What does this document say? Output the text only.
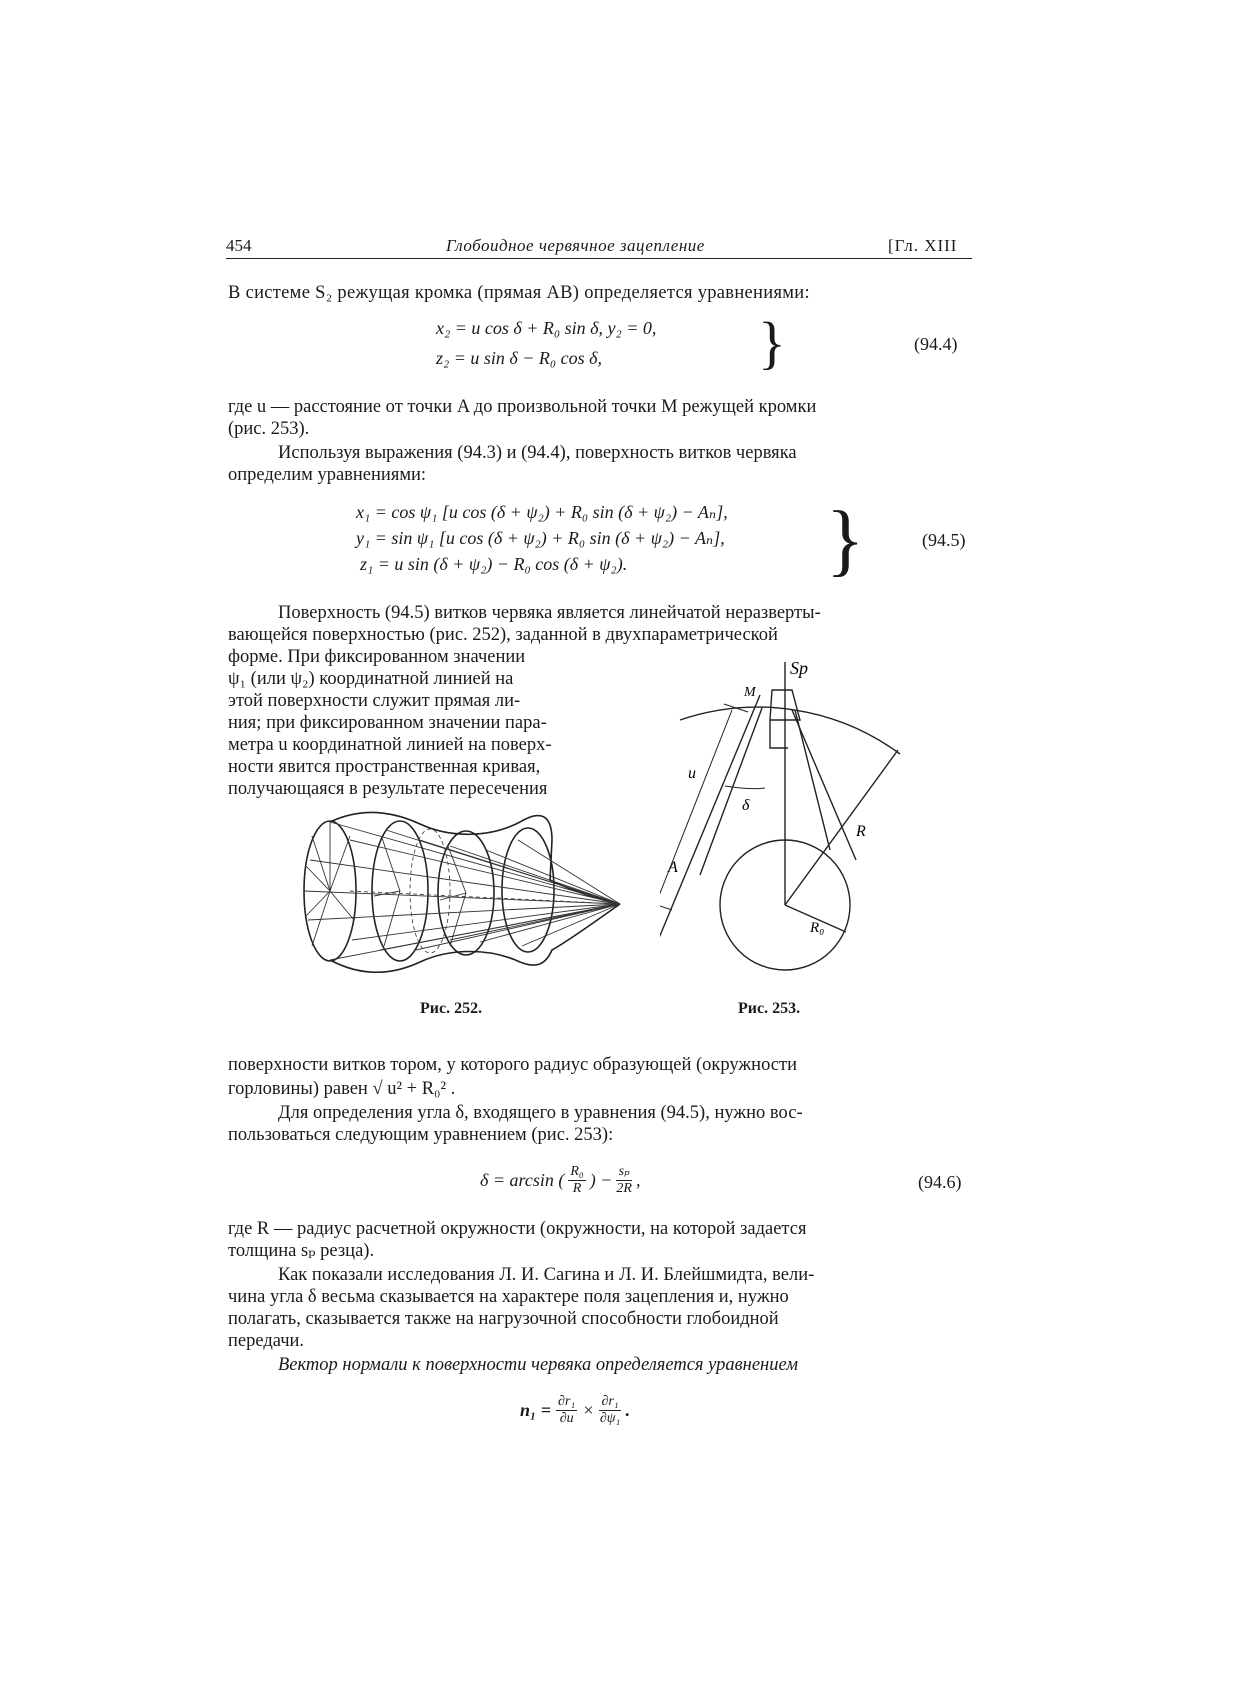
454	Глобоидное червячное зацепление	[Гл. XIII
В системе S₂ режущая кромка (прямая AB) определяется уравнениями:
x₂ = u cos δ + R₀ sin δ, y₂ = 0,
z₂ = u sin δ − R₀ cos δ,	}	(94.4)
где u — расстояние от точки A до произвольной точки M режущей кромки
(рис. 253).
Используя выражения (94.3) и (94.4), поверхность витков червяка
определим уравнениями:
x₁ = cos ψ₁ [u cos (δ + ψ₂) + R₀ sin (δ + ψ₂) − Aₙ],
y₁ = sin ψ₁ [u cos (δ + ψ₂) + R₀ sin (δ + ψ₂) − Aₙ],
z₁ = u sin (δ + ψ₂) − R₀ cos (δ + ψ₂). }	(94.5)
Поверхность (94.5) витков червяка является линейчатой неразверты-
вающейся поверхностью (рис. 252), заданной в двухпараметрической
форме. При фиксированном значении
ψ₁ (или ψ₂) координатной линией на
этой поверхности служит прямая ли-
ния; при фиксированном значении пара-
метра u координатной линией на поверх-
ности явится пространственная кривая,
получающаяся в результате пересечения
Рис. 252.
Sp
M
u
δ
R
A
R₀
Рис. 253.
поверхности витков тором, у которого радиус образующей (окружности
горловины) равен √ u² + R₀² .
Для определения угла δ, входящего в уравнения (94.5), нужно вос-
пользоваться следующим уравнением (рис. 253):
δ = arcsin ( $\frac{\text{R₀}}{R}$ ) − $\frac{\text{sₚ}}{2R}$ ,	(94.6)
где R — радиус расчетной окружности (окружности, на которой задается
толщина sₚ резца).
Как показали исследования Л. И. Сагина и Л. И. Блейшмидта, вели-
чина угла δ весьма сказывается на характере поля зацепления и, нужно
полагать, сказывается также на нагрузочной способности глобоидной
передачи.
Вектор нормали к поверхности червяка определяется уравнением
$n_1 = \frac{\text{∂r₁}}{\partial u} \times \frac{\text{∂r₁}}{\text{∂ψ₁}}$ .
